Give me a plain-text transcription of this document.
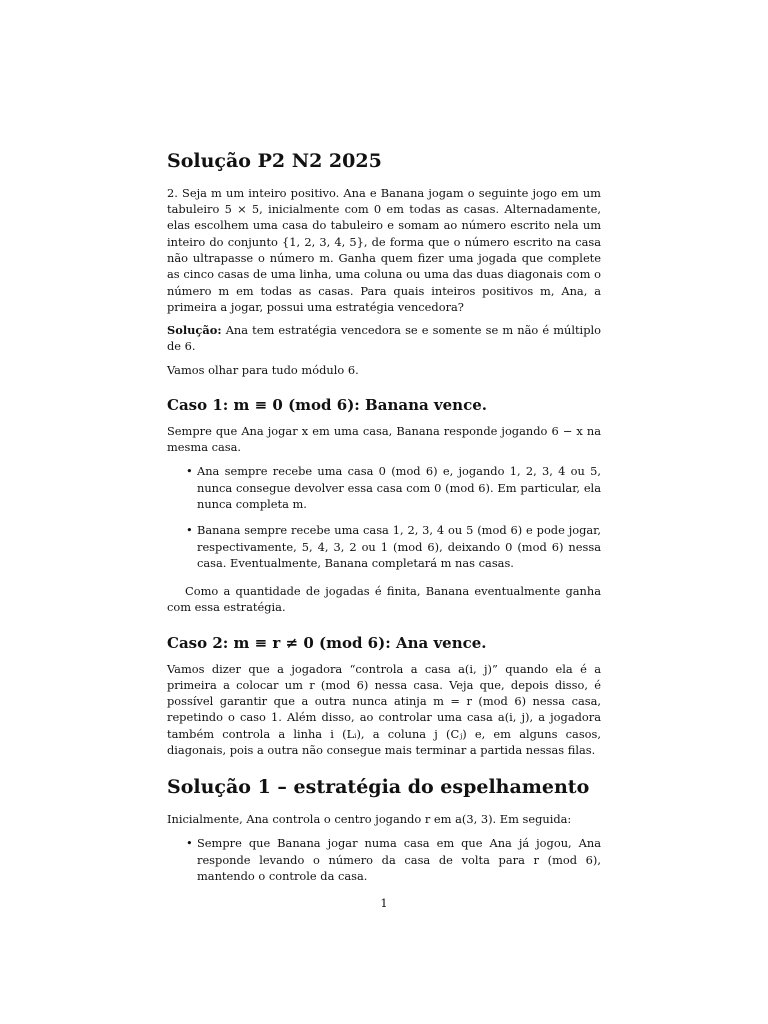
Solução P2 N2 2025

2. Seja m um inteiro positivo. Ana e Banana jogam o seguinte jogo em um tabuleiro 5 × 5, inicialmente com 0 em todas as casas. Alternadamente, elas escolhem uma casa do tabuleiro e somam ao número escrito nela um inteiro do conjunto {1, 2, 3, 4, 5}, de forma que o número escrito na casa não ultrapasse o número m. Ganha quem fizer uma jogada que complete as cinco casas de uma linha, uma coluna ou uma das duas diagonais com o número m em todas as casas. Para quais inteiros positivos m, Ana, a primeira a jogar, possui uma estratégia vencedora?

Solução: Ana tem estratégia vencedora se e somente se m não é múltiplo de 6.

Vamos olhar para tudo módulo 6.

Caso 1: m ≡ 0 (mod 6): Banana vence.

Sempre que Ana jogar x em uma casa, Banana responde jogando 6 − x na mesma casa.

• Ana sempre recebe uma casa 0 (mod 6) e, jogando 1, 2, 3, 4 ou 5, nunca consegue devolver essa casa com 0 (mod 6). Em particular, ela nunca completa m.
• Banana sempre recebe uma casa 1, 2, 3, 4 ou 5 (mod 6) e pode jogar, respectivamente, 5, 4, 3, 2 ou 1 (mod 6), deixando 0 (mod 6) nessa casa. Eventualmente, Banana completará m nas casas.

Como a quantidade de jogadas é finita, Banana eventualmente ganha com essa estratégia.

Caso 2: m ≡ r ≠ 0 (mod 6): Ana vence.

Vamos dizer que a jogadora “controla a casa a(i, j)” quando ela é a primeira a colocar um r (mod 6) nessa casa. Veja que, depois disso, é possível garantir que a outra nunca atinja m = r (mod 6) nessa casa, repetindo o caso 1. Além disso, ao controlar uma casa a(i, j), a jogadora também controla a linha i (Lᵢ), a coluna j (Cⱼ) e, em alguns casos, diagonais, pois a outra não consegue mais terminar a partida nessas filas.

Solução 1 – estratégia do espelhamento

Inicialmente, Ana controla o centro jogando r em a(3, 3). Em seguida:

• Sempre que Banana jogar numa casa em que Ana já jogou, Ana responde levando o número da casa de volta para r (mod 6), mantendo o controle da casa.
1
